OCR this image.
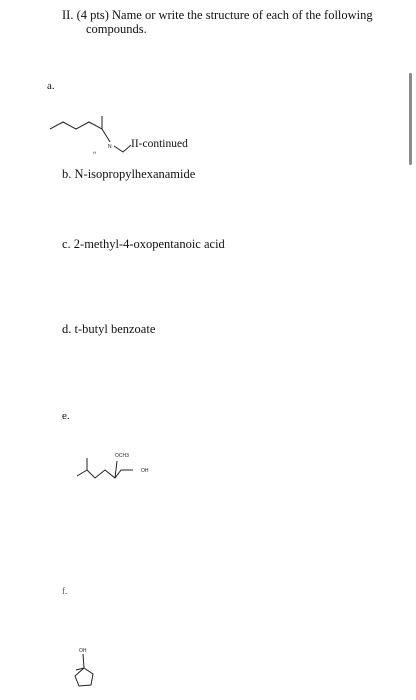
II. (4 pts) Name or write the structure of each of the following
compounds.
a.
N
H
II-continued
b. N-isopropylhexanamide
c. 2-methyl-4-oxopentanoic acid
d. t-butyl benzoate
e.
OCH3
OH
f.
OH
